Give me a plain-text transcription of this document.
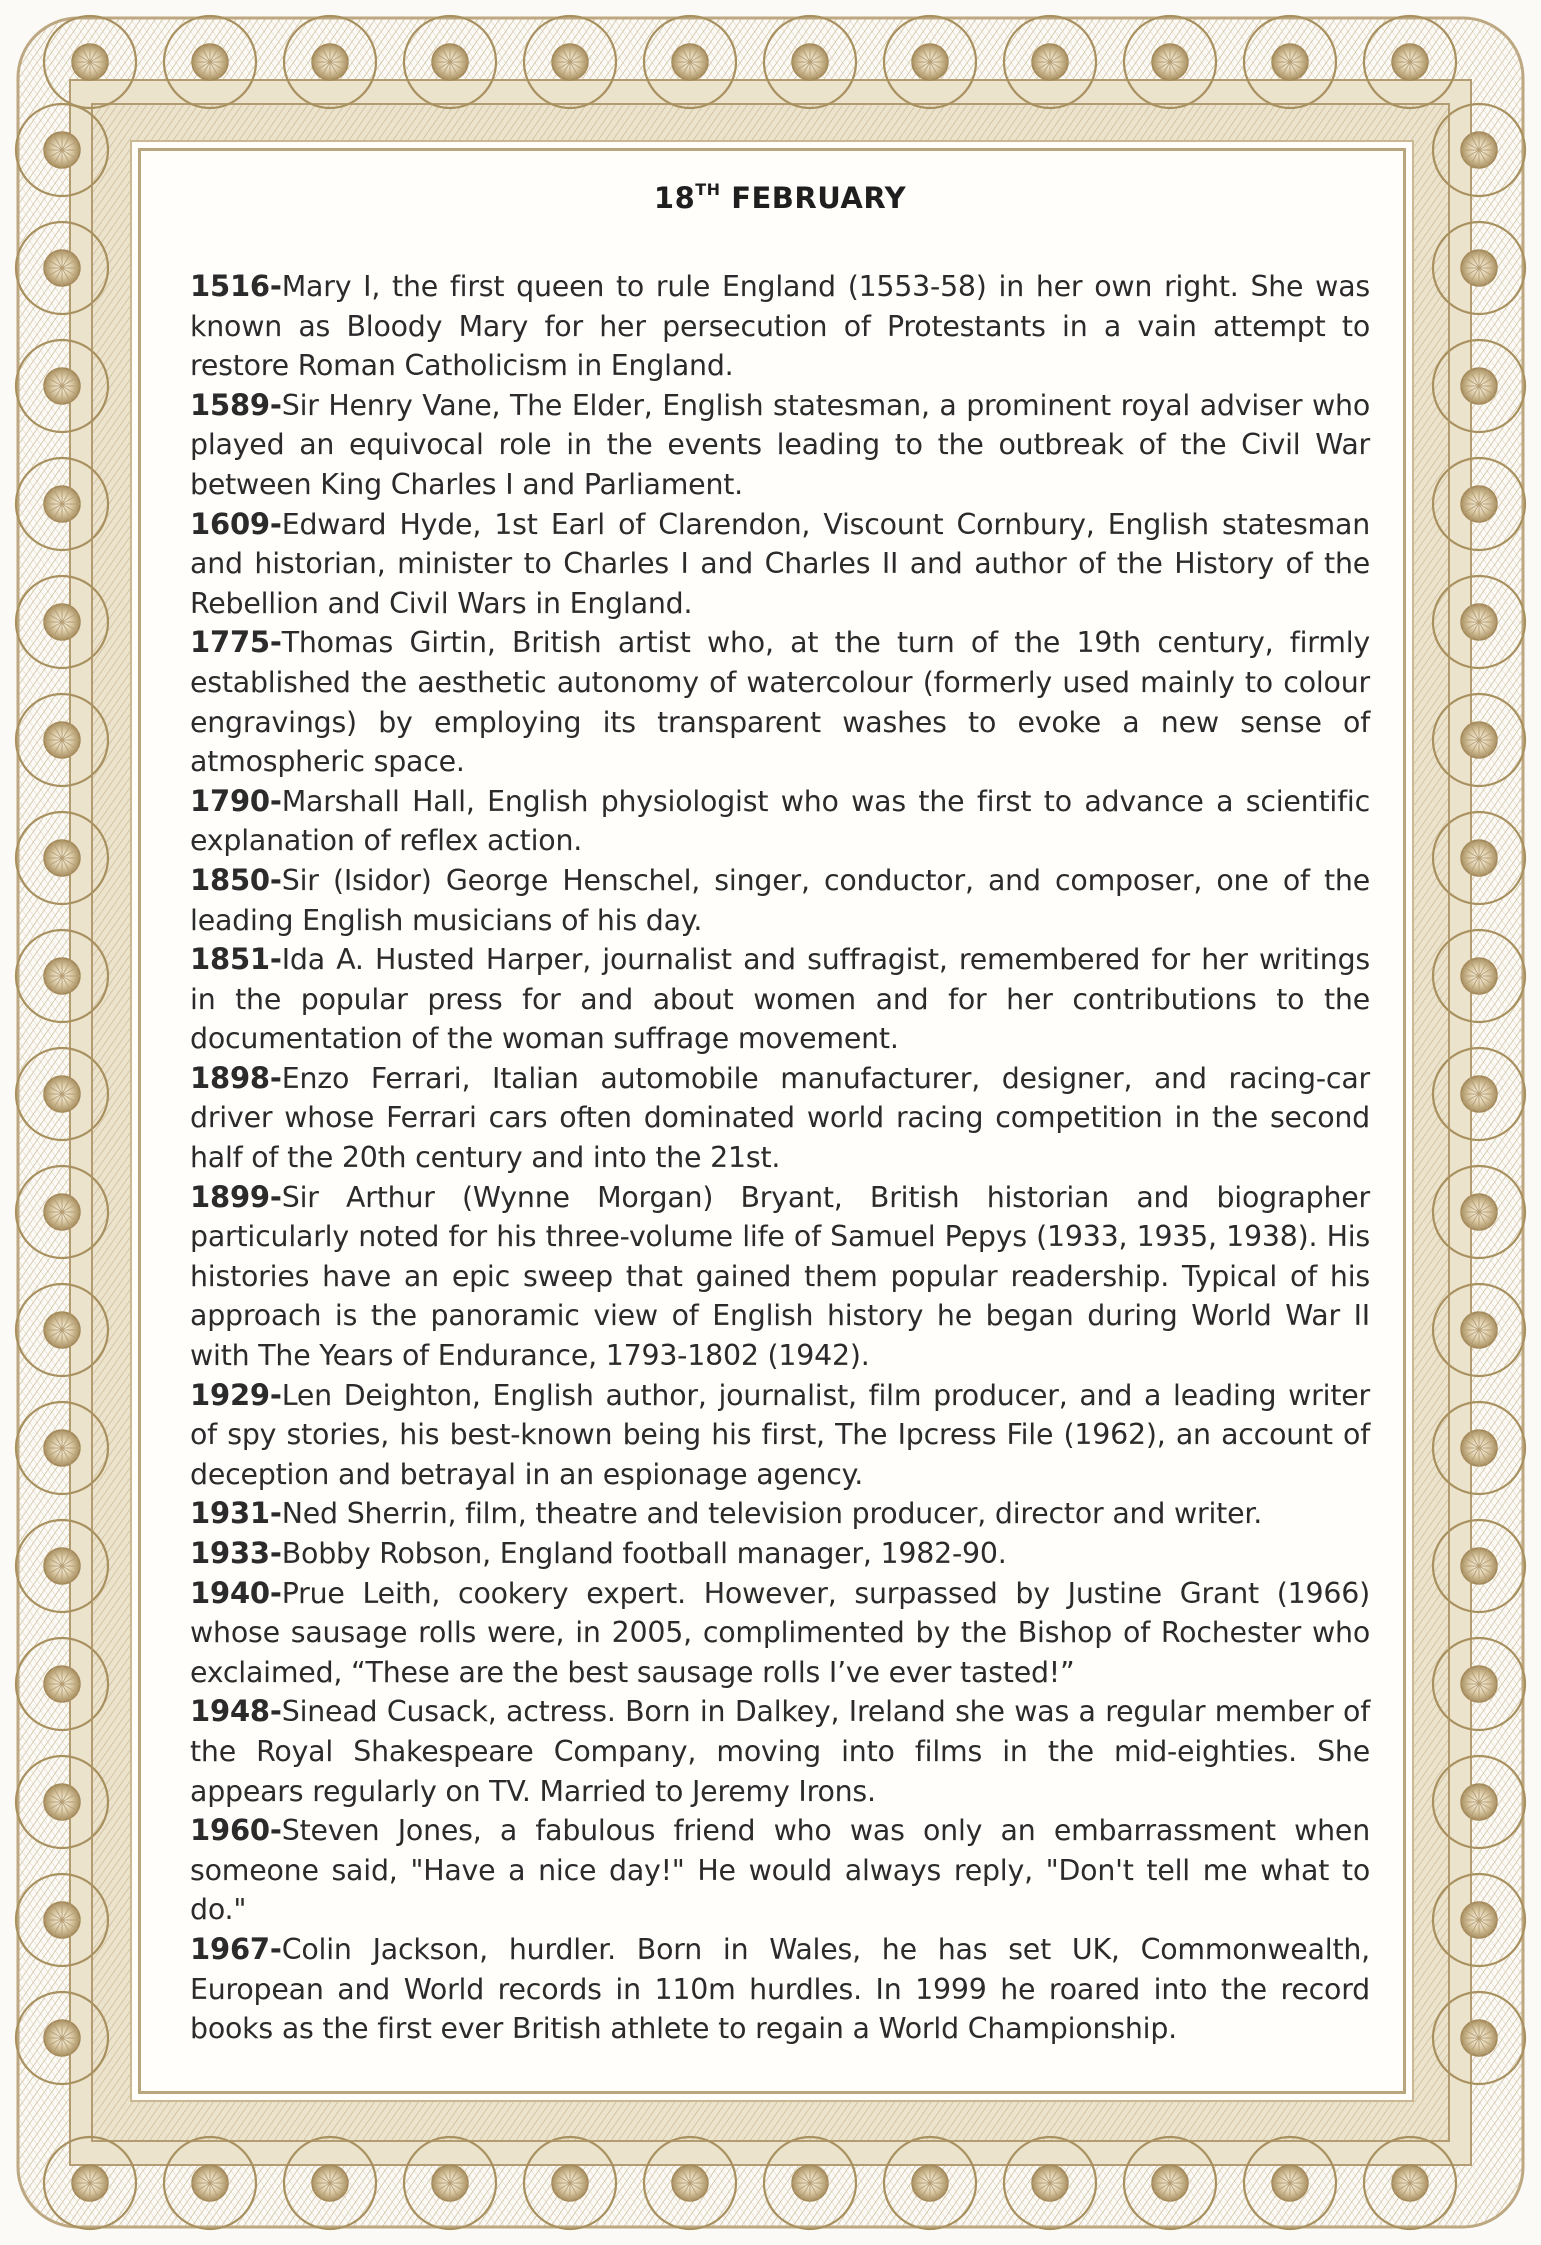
18TH FEBRUARY

1516-Mary I, the first queen to rule England (1553-58) in her own right. She was known as Bloody Mary for her persecution of Protestants in a vain attempt to restore Roman Catholicism in England.

1589-Sir Henry Vane, The Elder, English statesman, a prominent royal adviser who played an equivocal role in the events leading to the outbreak of the Civil War between King Charles I and Parliament.

1609-Edward Hyde, 1st Earl of Clarendon, Viscount Cornbury, English statesman and historian, minister to Charles I and Charles II and author of the History of the Rebellion and Civil Wars in England.

1775-Thomas Girtin, British artist who, at the turn of the 19th century, firmly established the aesthetic autonomy of watercolour (formerly used mainly to colour engravings) by employing its transparent washes to evoke a new sense of atmospheric space.

1790-Marshall Hall, English physiologist who was the first to advance a scientific explanation of reflex action.

1850-Sir (Isidor) George Henschel, singer, conductor, and composer, one of the leading English musicians of his day.

1851-Ida A. Husted Harper, journalist and suffragist, remembered for her writings in the popular press for and about women and for her contributions to the documentation of the woman suffrage movement.

1898-Enzo Ferrari, Italian automobile manufacturer, designer, and racing-car driver whose Ferrari cars often dominated world racing competition in the second half of the 20th century and into the 21st.

1899-Sir Arthur (Wynne Morgan) Bryant, British historian and biographer particularly noted for his three-volume life of Samuel Pepys (1933, 1935, 1938). His histories have an epic sweep that gained them popular readership. Typical of his approach is the panoramic view of English history he began during World War II with The Years of Endurance, 1793-1802 (1942).

1929-Len Deighton, English author, journalist, film producer, and a leading writer of spy stories, his best-known being his first, The Ipcress File (1962), an account of deception and betrayal in an espionage agency.

1931-Ned Sherrin, film, theatre and television producer, director and writer.

1933-Bobby Robson, England football manager, 1982-90.

1940-Prue Leith, cookery expert. However, surpassed by Justine Grant (1966) whose sausage rolls were, in 2005, complimented by the Bishop of Rochester who exclaimed, “These are the best sausage rolls I’ve ever tasted!”

1948-Sinead Cusack, actress. Born in Dalkey, Ireland she was a regular member of the Royal Shakespeare Company, moving into films in the mid-eighties. She appears regularly on TV. Married to Jeremy Irons.

1960-Steven Jones, a fabulous friend who was only an embarrassment when someone said, "Have a nice day!" He would always reply, "Don't tell me what to do."

1967-Colin Jackson, hurdler. Born in Wales, he has set UK, Commonwealth, European and World records in 110m hurdles. In 1999 he roared into the record books as the first ever British athlete to regain a World Championship.
